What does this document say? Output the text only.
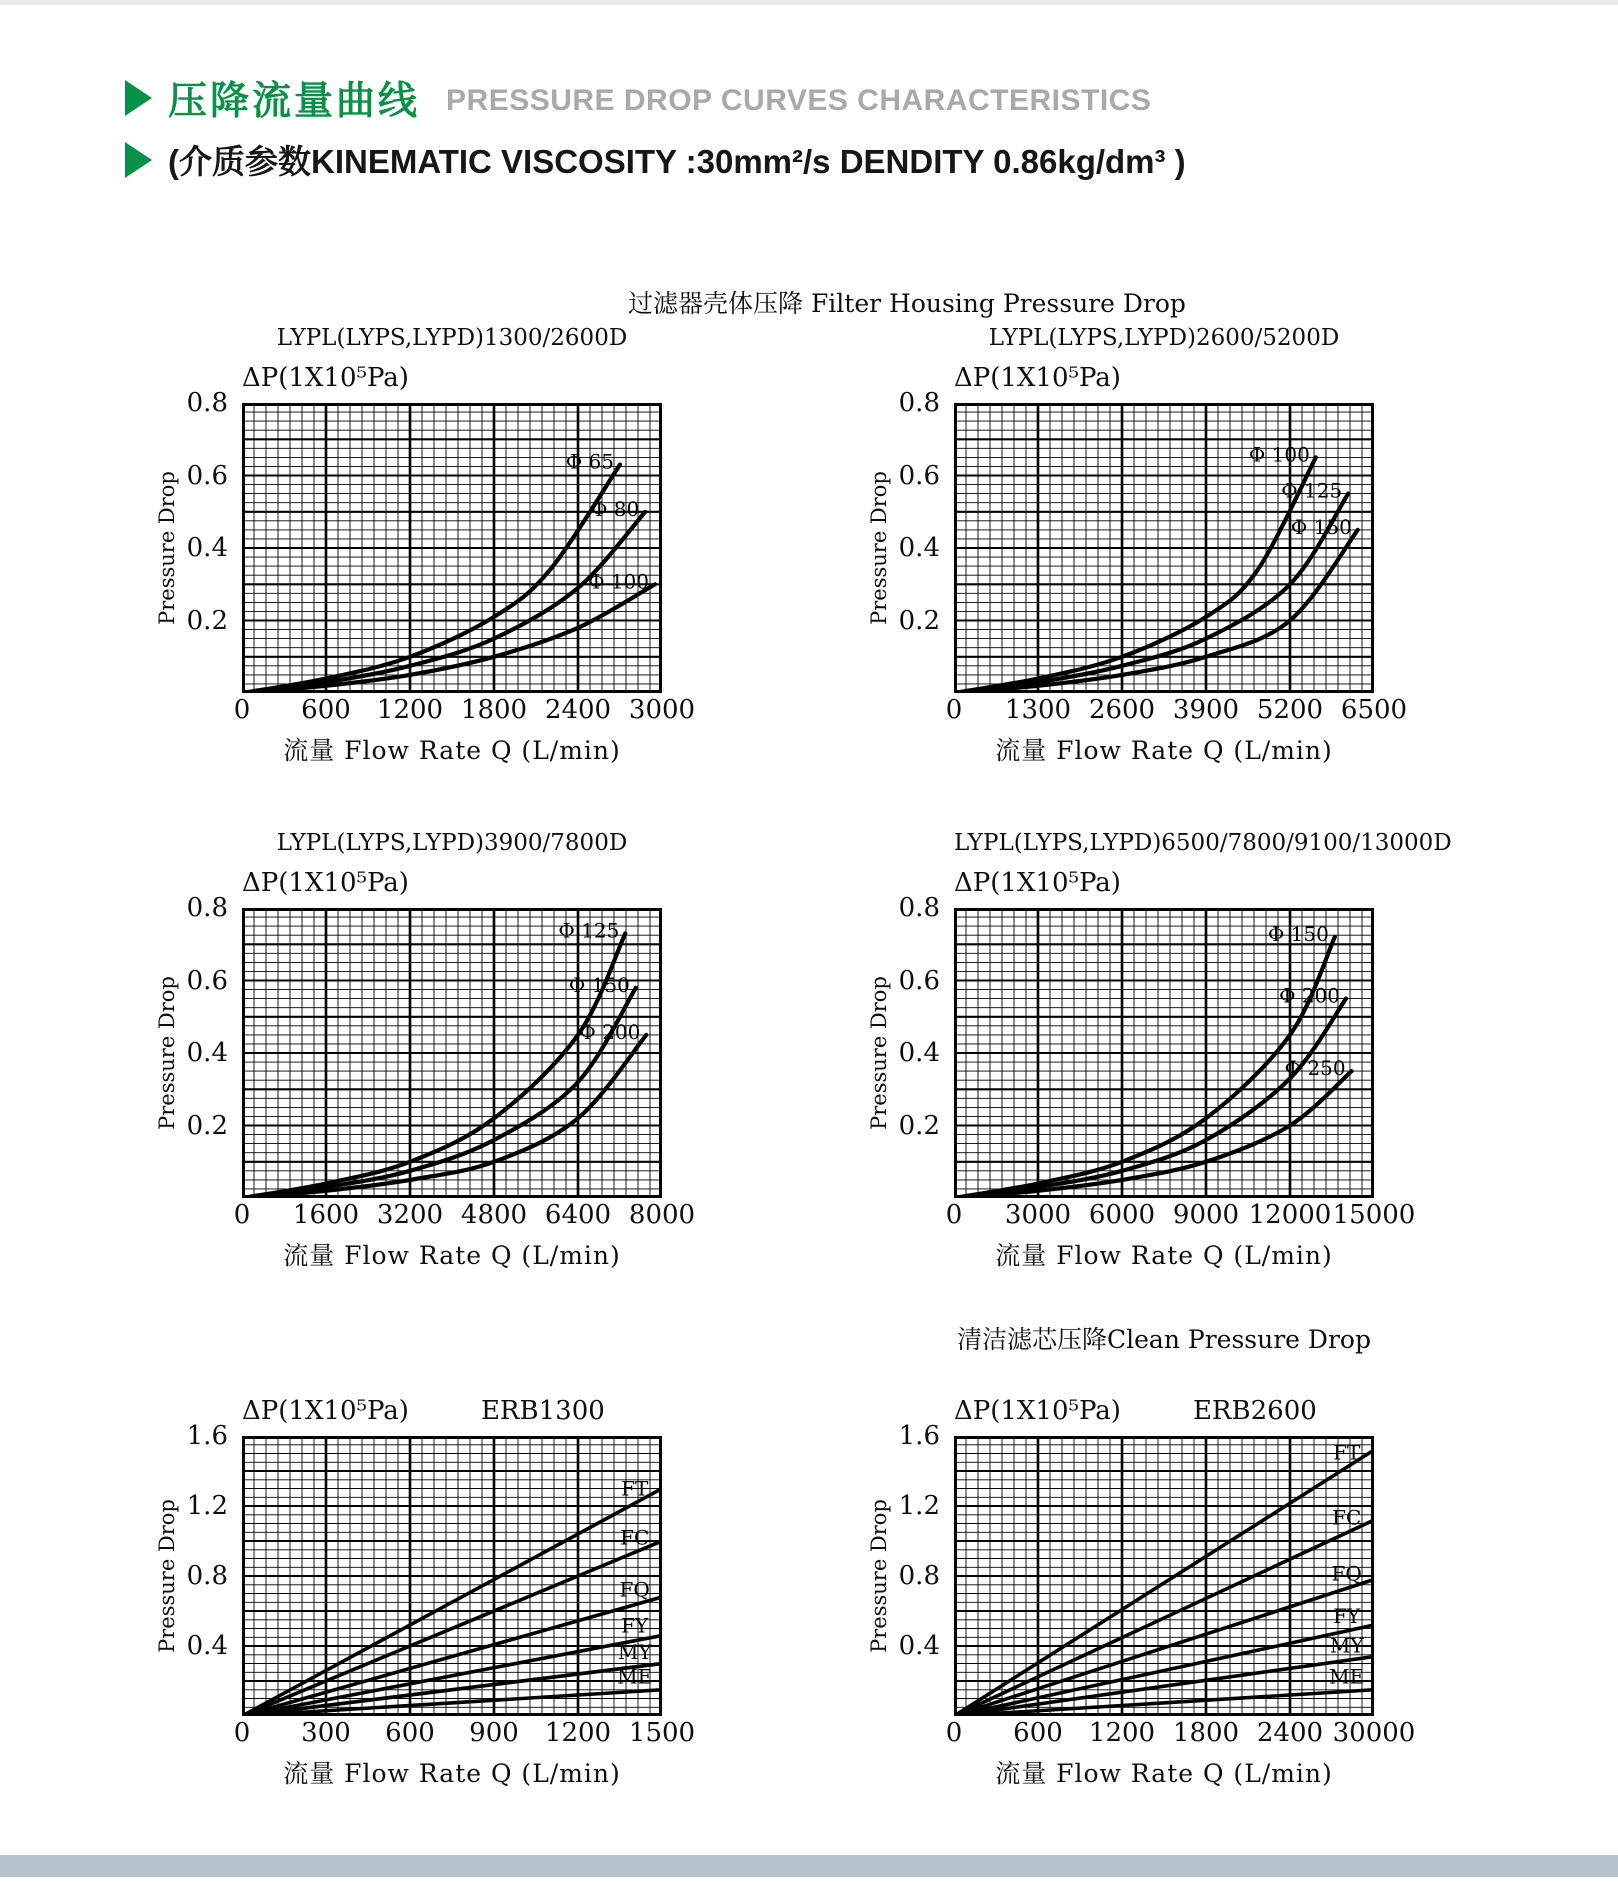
压降流量曲线 PRESSURE DROP CURVES CHARACTERISTICS
(介质参数KINEMATIC VISCOSITY :30mm²/s DENDITY 0.86kg/dm³ )
过滤器壳体压降 Filter Housing Pressure Drop
LYPL(LYPS,LYPD)1300/2600D
ΔP(1X10⁵Pa)
Pressure Drop
0.8
0.6
0.4
0.2
Φ 65
Φ 80
Φ 100
0 600 1200 1800 2400 3000
流量 Flow Rate Q (L/min)
LYPL(LYPS,LYPD)2600/5200D
ΔP(1X10⁵Pa)
Pressure Drop
0.8
0.6
0.4
0.2
Φ 100
Φ 125
Φ 150
0 1300 2600 3900 5200 6500
流量 Flow Rate Q (L/min)
LYPL(LYPS,LYPD)3900/7800D
ΔP(1X10⁵Pa)
Pressure Drop
0.8
0.6
0.4
0.2
Φ 125
Φ 150
Φ 200
0 1600 3200 4800 6400 8000
流量 Flow Rate Q (L/min)
LYPL(LYPS,LYPD)6500/7800/9100/13000D
ΔP(1X10⁵Pa)
Pressure Drop
0.8
0.6
0.4
0.2
Φ 150
Φ 200
Φ 250
0 3000 6000 9000 12000 15000
流量 Flow Rate Q (L/min)
清洁滤芯压降Clean Pressure Drop
ΔP(1X10⁵Pa)	ERB1300
Pressure Drop
1.6
1.2
0.8
0.4
FT
FC
FQ
FY
MY
ME
0 300 600 900 1200 1500
流量 Flow Rate Q (L/min)
ΔP(1X10⁵Pa)	ERB2600
Pressure Drop
1.6
1.2
0.8
0.4
FT
FC
FQ
FY
MY
ME
0 600 1200 1800 2400 30000
流量 Flow Rate Q (L/min)
